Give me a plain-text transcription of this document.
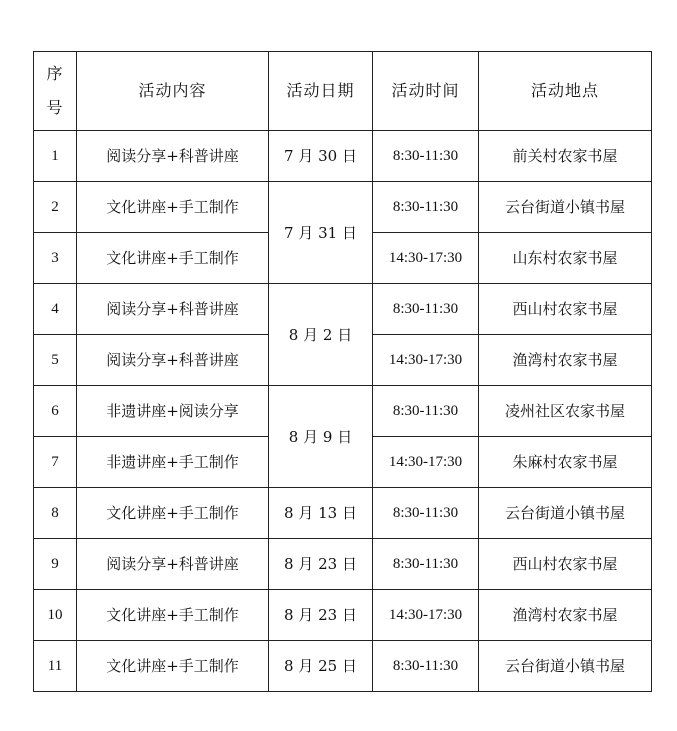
序
号	活动内容	活动日期	活动时间	活动地点
1	阅读分享+科普讲座	7 月 30 日	8:30-11:30	前关村农家书屋
2	文化讲座+手工制作	7 月 31 日	8:30-11:30	云台街道小镇书屋
3	文化讲座+手工制作		14:30-17:30	山东村农家书屋
4	阅读分享+科普讲座	8 月 2 日	8:30-11:30	西山村农家书屋
5	阅读分享+科普讲座		14:30-17:30	渔湾村农家书屋
6	非遗讲座+阅读分享	8 月 9 日	8:30-11:30	凌州社区农家书屋
7	非遗讲座+手工制作		14:30-17:30	朱麻村农家书屋
8	文化讲座+手工制作	8 月 13 日	8:30-11:30	云台街道小镇书屋
9	阅读分享+科普讲座	8 月 23 日	8:30-11:30	西山村农家书屋
10	文化讲座+手工制作	8 月 23 日	14:30-17:30	渔湾村农家书屋
11	文化讲座+手工制作	8 月 25 日	8:30-11:30	云台街道小镇书屋
